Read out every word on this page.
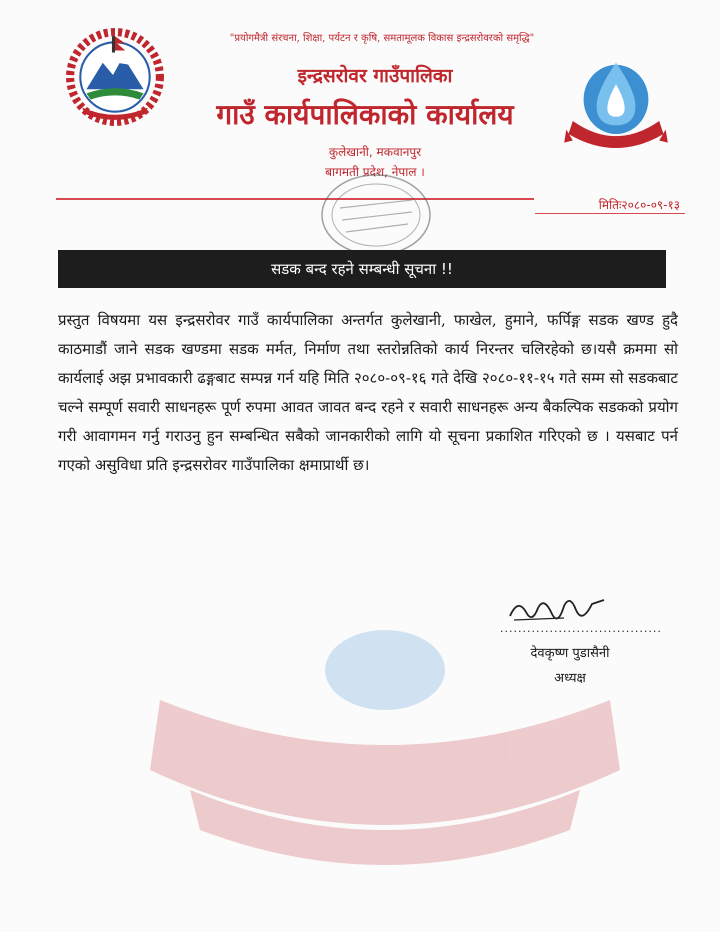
"प्रयोगमैत्री संरचना, शिक्षा, पर्यटन र कृषि, समतामूलक विकास इन्द्रसरोवरको समृद्धि"
इन्द्रसरोवर गाउँपालिका
गाउँ कार्यपालिकाको कार्यालय
कुलेखानी, मकवानपुर
बागमती प्रदेश, नेपाल ।
मितिः२०८०-०९-१३
सडक बन्द रहने सम्बन्धी सूचना !!
प्रस्तुत विषयमा यस इन्द्रसरोवर गाउँ कार्यपालिका अन्तर्गत कुलेखानी, फाखेल, हुमाने, फर्पिङ्ग सडक खण्ड हुदै काठमाडौं जाने सडक खण्डमा सडक मर्मत, निर्माण तथा स्तरोन्नतिको कार्य निरन्तर चलिरहेको छ।यसै क्रममा सो कार्यलाई अझ प्रभावकारी ढङ्गबाट सम्पन्न गर्न यहि मिति २०८०-०९-१६ गते देखि २०८०-११-१५ गते सम्म सो सडकबाट चल्ने सम्पूर्ण सवारी साधनहरू पूर्ण रुपमा आवत जावत बन्द रहने र सवारी साधनहरू अन्य बैकल्पिक सडकको प्रयोग गरी आवागमन गर्नु गराउनु हुन सम्बन्धित सबैको जानकारीको लागि यो सूचना प्रकाशित गरिएको छ । यसबाट पर्न गएको असुविधा प्रति इन्द्रसरोवर गाउँपालिका क्षमाप्रार्थी छ।
....................................
देवकृष्ण पुडासैनी
अध्यक्ष
